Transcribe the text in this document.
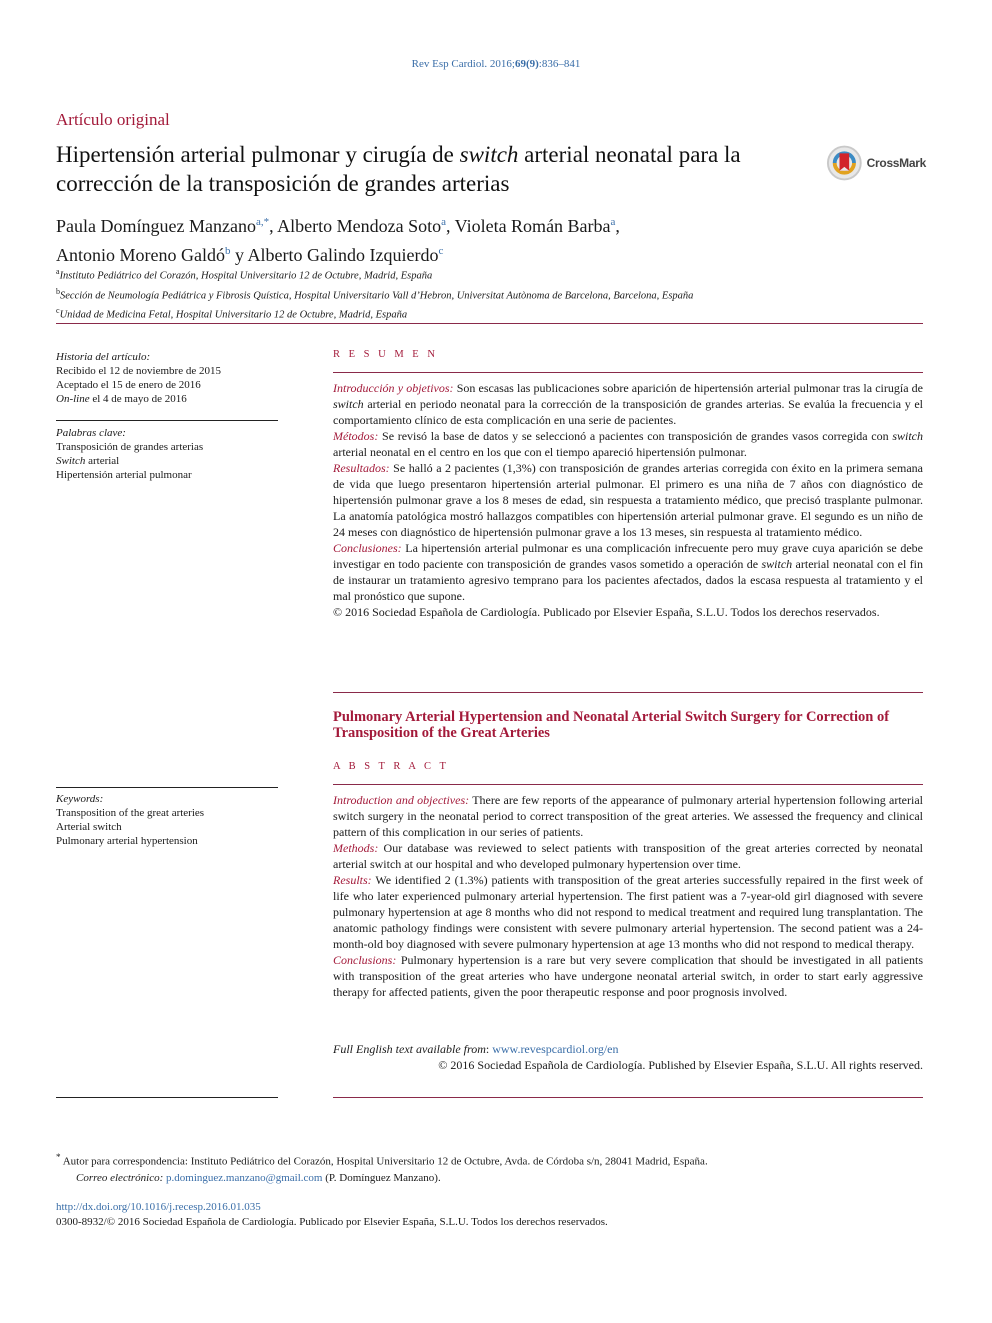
Rev Esp Cardiol. 2016;69(9):836–841
Artículo original
Hipertensión arterial pulmonar y cirugía de switch arterial neonatal para la corrección de la transposición de grandes arterias
CrossMark
Paula Domínguez Manzano$^{a,*}$, Alberto Mendoza Soto$^a$, Violeta Román Barba$^a$,
Antonio Moreno Galdó$^b$ y Alberto Galindo Izquierdo$^c$
$^a$Instituto Pediátrico del Corazón, Hospital Universitario 12 de Octubre, Madrid, España
$^b$Sección de Neumología Pediátrica y Fibrosis Quística, Hospital Universitario Vall d’Hebron, Universitat Autònoma de Barcelona, Barcelona, España
$^c$Unidad de Medicina Fetal, Hospital Universitario 12 de Octubre, Madrid, España
Historia del artículo:
Recibido el 12 de noviembre de 2015
Aceptado el 15 de enero de 2016
On-line el 4 de mayo de 2016
Palabras clave:
Transposición de grandes arterias
Switch arterial
Hipertensión arterial pulmonar
Keywords:
Transposition of the great arteries
Arterial switch
Pulmonary arterial hypertension
R E S U M E N

Introducción y objetivos: Son escasas las publicaciones sobre aparición de hipertensión arterial pulmonar tras la cirugía de switch arterial en periodo neonatal para la corrección de la transposición de grandes arterias. Se evalúa la frecuencia y el comportamiento clínico de esta complicación en una serie de pacientes.

Métodos: Se revisó la base de datos y se seleccionó a pacientes con transposición de grandes vasos corregida con switch arterial neonatal en el centro en los que con el tiempo apareció hipertensión pulmonar.

Resultados: Se halló a 2 pacientes (1,3%) con transposición de grandes arterias corregida con éxito en la primera semana de vida que luego presentaron hipertensión arterial pulmonar. El primero es una niña de 7 años con diagnóstico de hipertensión pulmonar grave a los 8 meses de edad, sin respuesta a tratamiento médico, que precisó trasplante pulmonar. La anatomía patológica mostró hallazgos compatibles con hipertensión arterial pulmonar grave. El segundo es un niño de 24 meses con diagnóstico de hipertensión pulmonar grave a los 13 meses, sin respuesta al tratamiento médico.

Conclusiones: La hipertensión arterial pulmonar es una complicación infrecuente pero muy grave cuya aparición se debe investigar en todo paciente con transposición de grandes vasos sometido a operación de switch arterial neonatal con el fin de instaurar un tratamiento agresivo temprano para los pacientes afectados, dados la escasa respuesta al tratamiento y el mal pronóstico que supone.

© 2016 Sociedad Española de Cardiología. Publicado por Elsevier España, S.L.U. Todos los derechos reservados.

Pulmonary Arterial Hypertension and Neonatal Arterial Switch Surgery for Correction of Transposition of the Great Arteries
A B S T R A C T

Introduction and objectives: There are few reports of the appearance of pulmonary arterial hypertension following arterial switch surgery in the neonatal period to correct transposition of the great arteries. We assessed the frequency and clinical pattern of this complication in our series of patients.

Methods: Our database was reviewed to select patients with transposition of the great arteries corrected by neonatal arterial switch at our hospital and who developed pulmonary hypertension over time.

Results: We identified 2 (1.3%) patients with transposition of the great arteries successfully repaired in the first week of life who later experienced pulmonary arterial hypertension. The first patient was a 7-year-old girl diagnosed with severe pulmonary hypertension at age 8 months who did not respond to medical treatment and required lung transplantation. The anatomic pathology findings were consistent with severe pulmonary arterial hypertension. The second patient was a 24-month-old boy diagnosed with severe pulmonary hypertension at age 13 months who did not respond to medical therapy.

Conclusions: Pulmonary hypertension is a rare but very severe complication that should be investigated in all patients with transposition of the great arteries who have undergone neonatal arterial switch, in order to start early aggressive therapy for affected patients, given the poor therapeutic response and poor prognosis involved.

Full English text available from: www.revespcardiol.org/en
© 2016 Sociedad Española de Cardiología. Published by Elsevier España, S.L.U. All rights reserved.
* Autor para correspondencia: Instituto Pediátrico del Corazón, Hospital Universitario 12 de Octubre, Avda. de Córdoba s/n, 28041 Madrid, España.
Correo electrónico: p.dominguez.manzano@gmail.com (P. Domínguez Manzano).
http://dx.doi.org/10.1016/j.recesp.2016.01.035
0300-8932/© 2016 Sociedad Española de Cardiología. Publicado por Elsevier España, S.L.U. Todos los derechos reservados.
